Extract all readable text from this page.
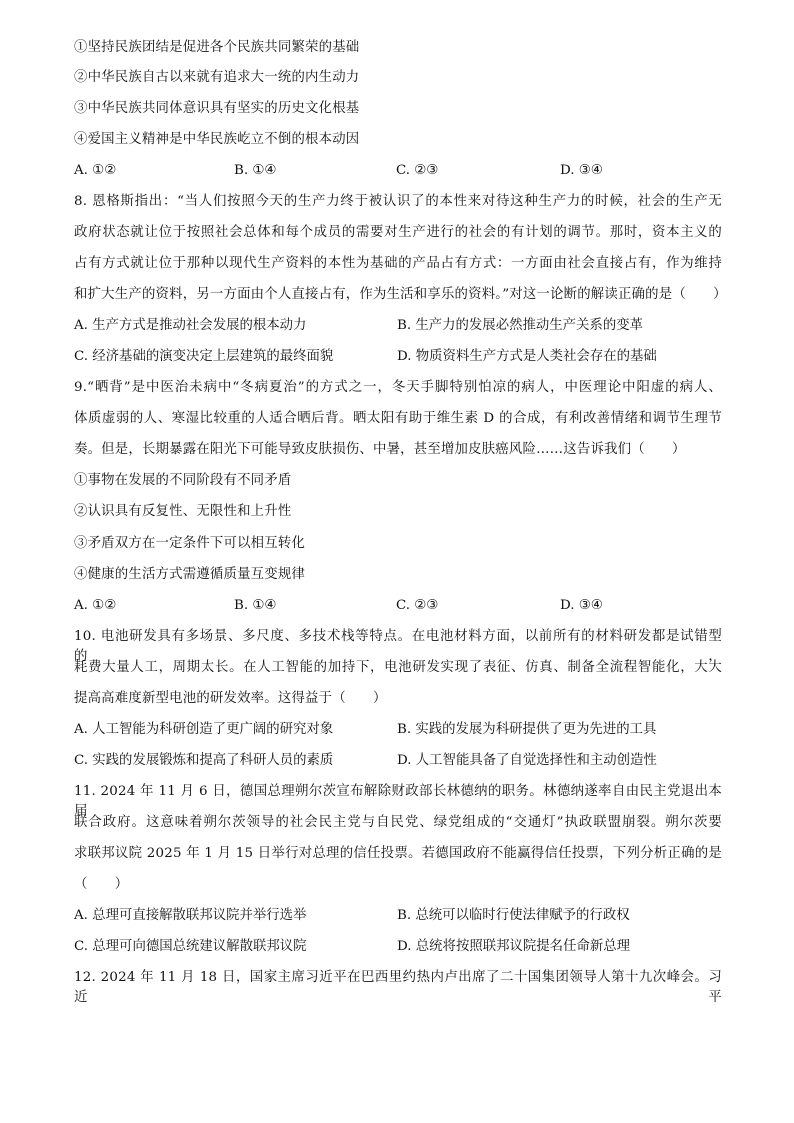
①坚持民族团结是促进各个民族共同繁荣的基础
②中华民族自古以来就有追求大一统的内生动力
③中华民族共同体意识具有坚实的历史文化根基
④爱国主义精神是中华民族屹立不倒的根本动因
A. ①②	B. ①④	C. ②③	D. ③④
8. 恩格斯指出：“当人们按照今天的生产力终于被认识了的本性来对待这种生产力的时候，社会的生产无
政府状态就让位于按照社会总体和每个成员的需要对生产进行的社会的有计划的调节。那时，资本主义的
占有方式就让位于那种以现代生产资料的本性为基础的产品占有方式：一方面由社会直接占有，作为维持
和扩大生产的资料，另一方面由个人直接占有，作为生活和享乐的资料。”对这一论断的解读正确的是（　　）
A. 生产方式是推动社会发展的根本动力	B. 生产力的发展必然推动生产关系的变革
C. 经济基础的演变决定上层建筑的最终面貌	D. 物质资料生产方式是人类社会存在的基础
9.“晒背”是中医治未病中“冬病夏治”的方式之一，冬天手脚特别怕凉的病人，中医理论中阳虚的病人、
体质虚弱的人、寒湿比较重的人适合晒后背。晒太阳有助于维生素 D 的合成，有利改善情绪和调节生理节
奏。但是，长期暴露在阳光下可能导致皮肤损伤、中暑，甚至增加皮肤癌风险……这告诉我们（　　）
①事物在发展的不同阶段有不同矛盾
②认识具有反复性、无限性和上升性
③矛盾双方在一定条件下可以相互转化
④健康的生活方式需遵循质量互变规律
A. ①②	B. ①④	C. ②③	D. ③④
10. 电池研发具有多场景、多尺度、多技术栈等特点。在电池材料方面，以前所有的材料研发都是试错型的，
耗费大量人工，周期太长。在人工智能的加持下，电池研发实现了表征、仿真、制备全流程智能化，大大
提高高难度新型电池的研发效率。这得益于（　　）
A. 人工智能为科研创造了更广阔的研究对象	B. 实践的发展为科研提供了更为先进的工具
C. 实践的发展锻炼和提高了科研人员的素质	D. 人工智能具备了自觉选择性和主动创造性
11. 2024 年 11 月 6 日，德国总理朔尔茨宣布解除财政部长林德纳的职务。林德纳遂率自由民主党退出本届
联合政府。这意味着朔尔茨领导的社会民主党与自民党、绿党组成的“交通灯”执政联盟崩裂。朔尔茨要
求联邦议院 2025 年 1 月 15 日举行对总理的信任投票。若德国政府不能赢得信任投票，下列分析正确的是
（　　）
A. 总理可直接解散联邦议院并举行选举	B. 总统可以临时行使法律赋予的行政权
C. 总理可向德国总统建议解散联邦议院	D. 总统将按照联邦议院提名任命新总理
12. 2024 年 11 月 18 日，国家主席习近平在巴西里约热内卢出席了二十国集团领导人第十九次峰会。习近平
